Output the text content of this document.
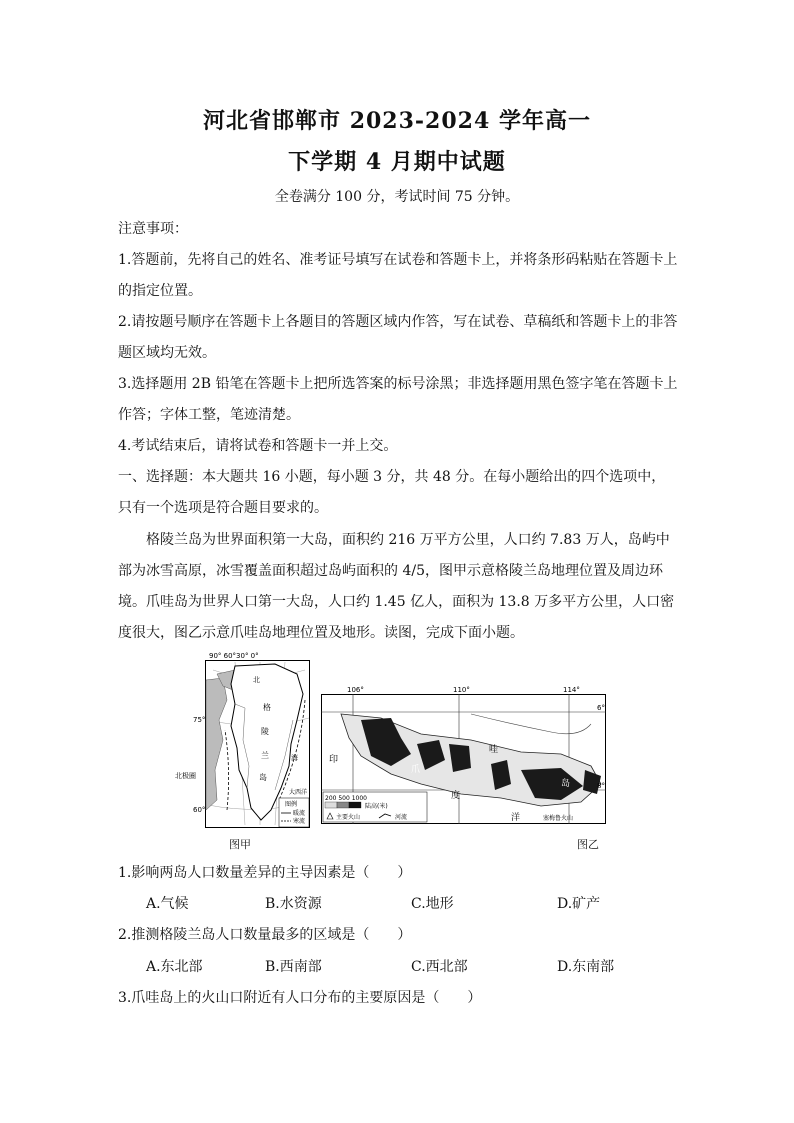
河北省邯郸市 2023-2024 学年高一
下学期 4 月期中试题
全卷满分 100 分，考试时间 75 分钟。

注意事项：

1.答题前，先将自己的姓名、准考证号填写在试卷和答题卡上，并将条形码粘贴在答题卡上的指定位置。

2.请按题号顺序在答题卡上各题目的答题区域内作答，写在试卷、草稿纸和答题卡上的非答题区域均无效。

3.选择题用 2B 铅笔在答题卡上把所选答案的标号涂黑；非选择题用黑色签字笔在答题卡上作答；字体工整，笔迹清楚。

4.考试结束后，请将试卷和答题卡一并上交。

一、选择题：本大题共 16 小题，每小题 3 分，共 48 分。在每小题给出的四个选项中，只有一个选项是符合题目要求的。

格陵兰岛为世界面积第一大岛，面积约 216 万平方公里，人口约 7.83 万人，岛屿中部为冰雪高原，冰雪覆盖面积超过岛屿面积的 4/5，图甲示意格陵兰岛地理位置及周边环境。爪哇岛为世界人口第一大岛，人口约 1.45 亿人，面积为 13.8 万多平方公里，人口密度很大，图乙示意爪哇岛地理位置及地形。读图，完成下面小题。

90° 60°30° 0°
75°
60°
北
海
格
陵
兰
岛
北极圈
大西洋
图例
暖流
寒流
106°	110°	114°
6°
8°
爪
哇
岛
印
度
洋	塞梅鲁火山
200 500 1000
陆高(米)
主要火山	河流
图甲	图乙
1.影响两岛人口数量差异的主导因素是（　　）
A.气候	B.水资源	C.地形	D.矿产
2.推测格陵兰岛人口数量最多的区域是（　　）
A.东北部	B.西南部	C.西北部	D.东南部
3.爪哇岛上的火山口附近有人口分布的主要原因是（　　）
